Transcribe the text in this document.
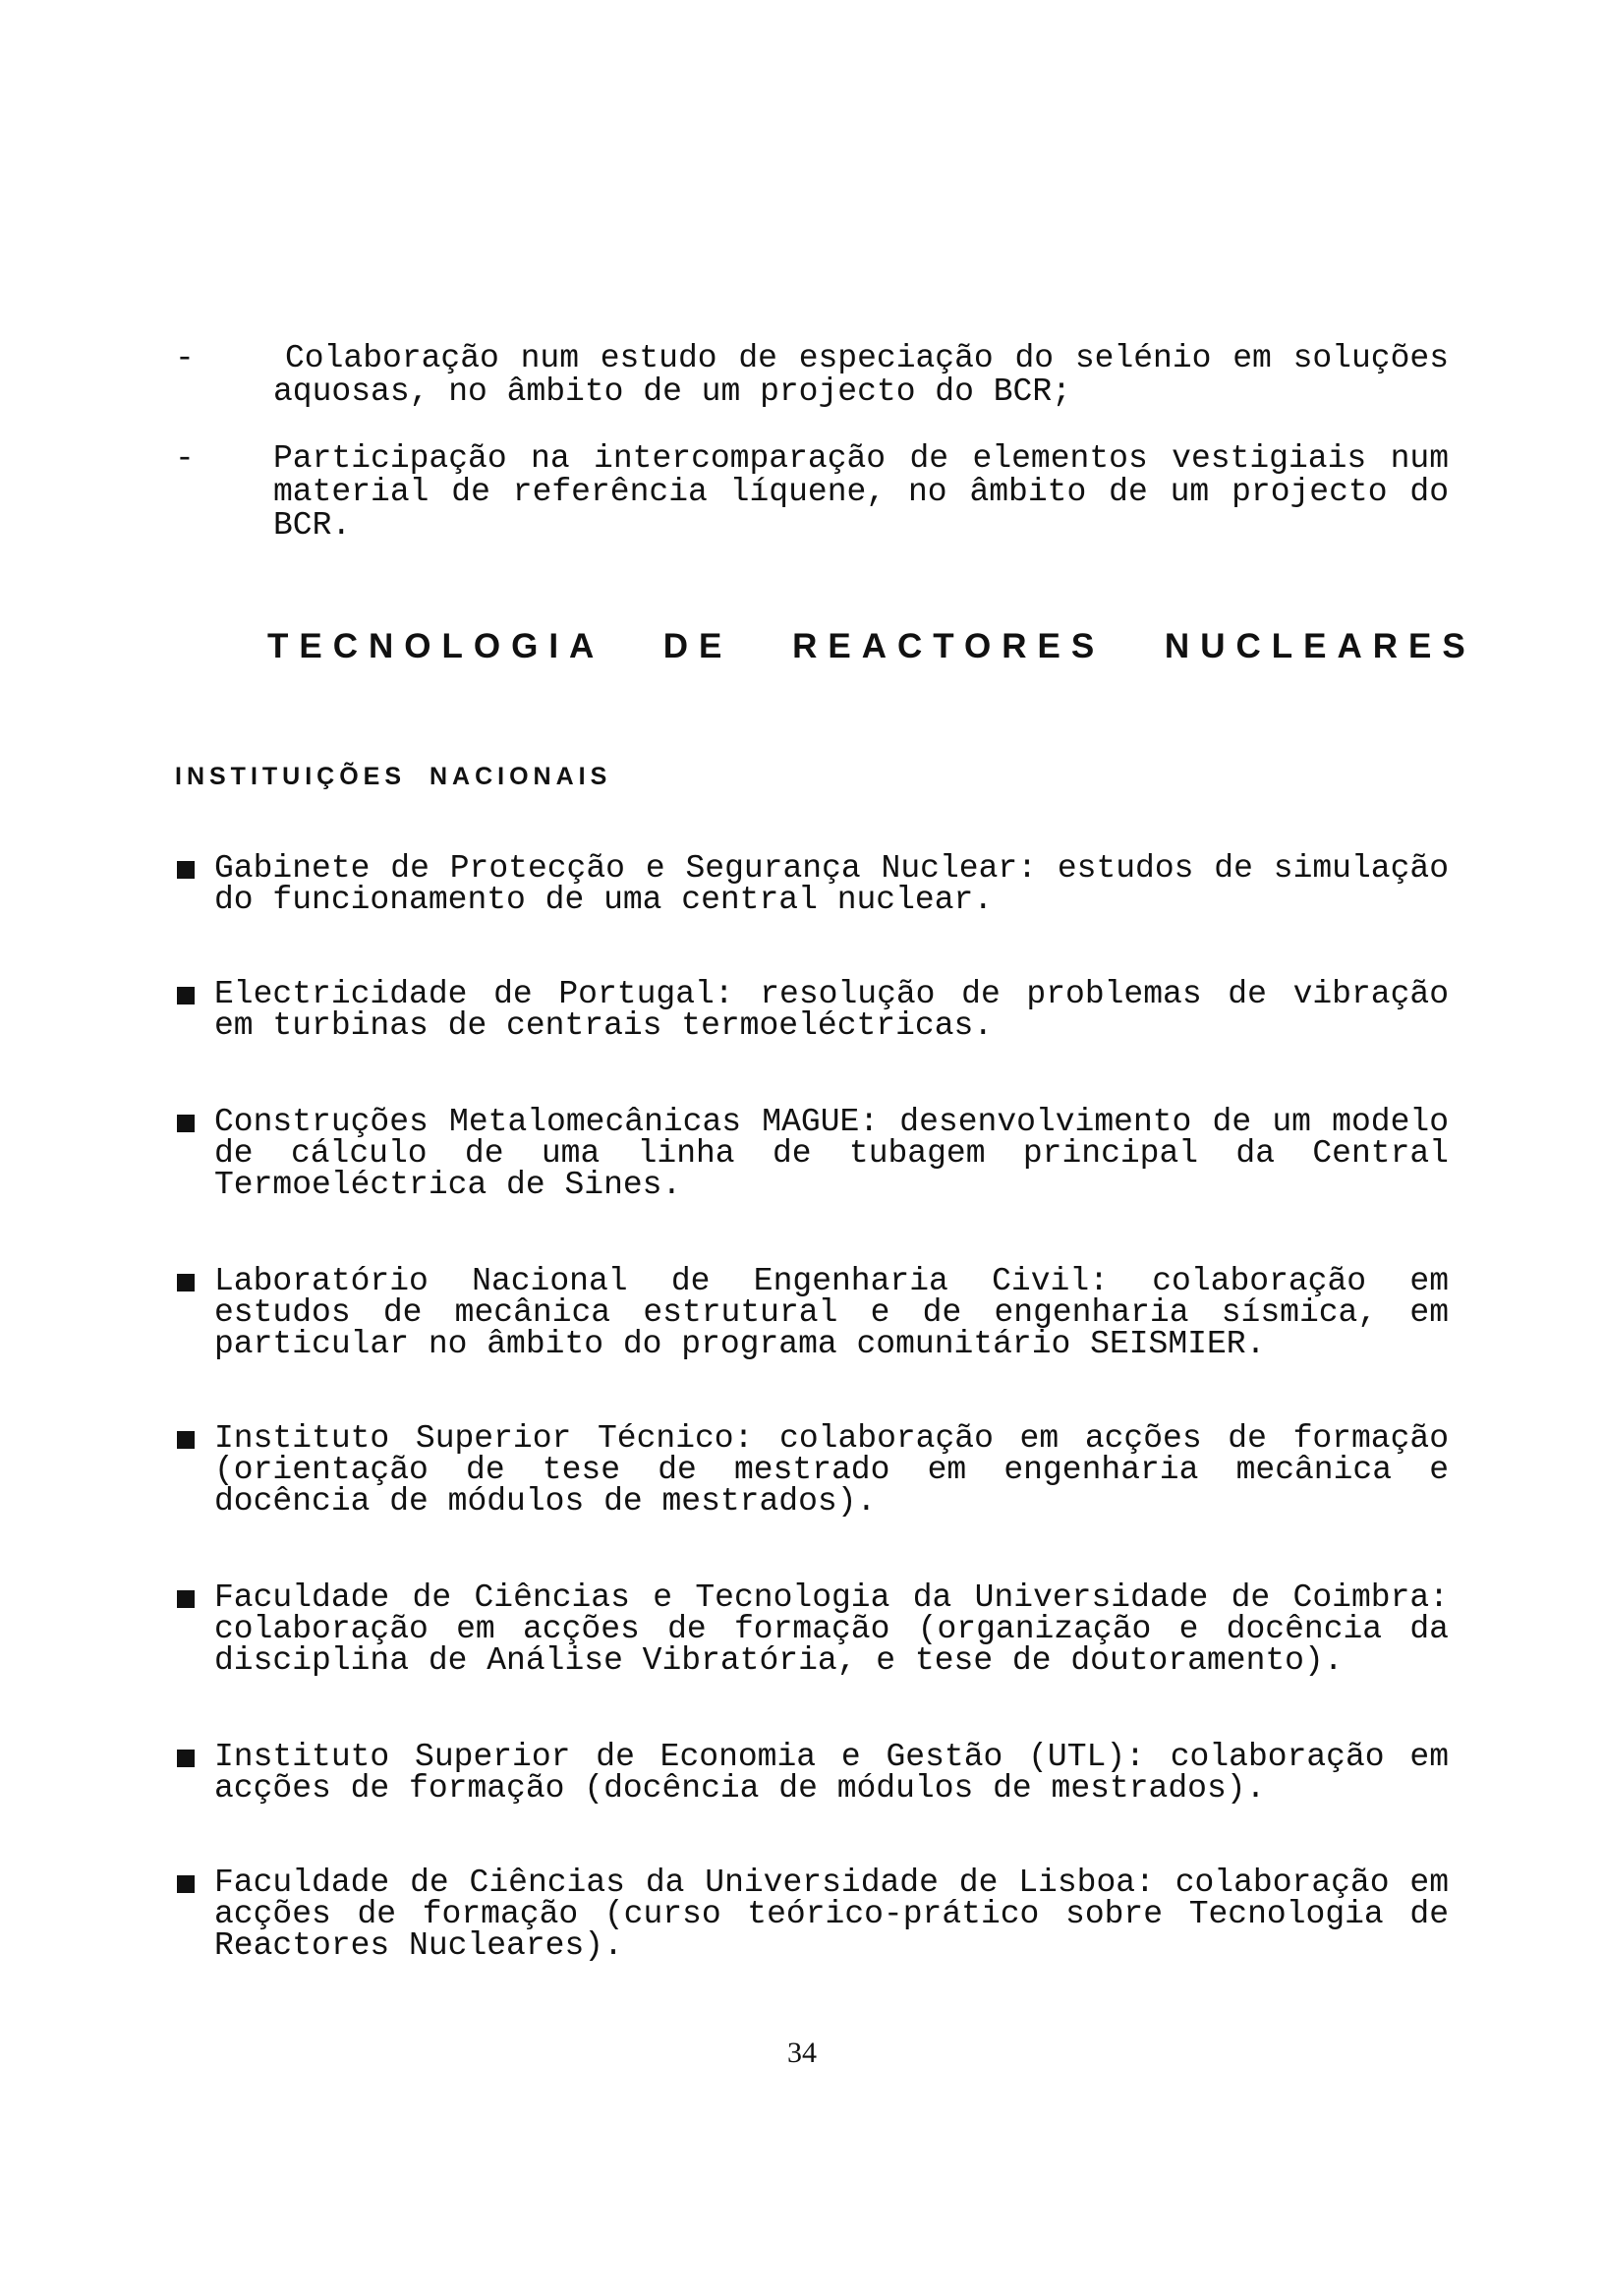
-	Colaboração num estudo de especiação do selénio em soluções aquosas, no âmbito de um projecto do BCR;
-	Participação na intercomparação de elementos vestigiais num material de referência líquene, no âmbito de um projecto do BCR.
TECNOLOGIA DE REACTORES NUCLEARES
INSTITUIÇÕES NACIONAIS
Gabinete de Protecção e Segurança Nuclear: estudos de simulação do funcionamento de uma central nuclear.
Electricidade de Portugal: resolução de problemas de vibração em turbinas de centrais termoeléctricas.
Construções Metalomecânicas MAGUE: desenvolvimento de um modelo de cálculo de uma linha de tubagem principal da Central Termoeléctrica de Sines.
Laboratório Nacional de Engenharia Civil: colaboração em estudos de mecânica estrutural e de engenharia sísmica, em particular no âmbito do programa comunitário SEISMIER.
Instituto Superior Técnico: colaboração em acções de formação (orientação de tese de mestrado em engenharia mecânica e docência de módulos de mestrados).
Faculdade de Ciências e Tecnologia da Universidade de Coimbra: colaboração em acções de formação (organização e docência da disciplina de Análise Vibratória, e tese de doutoramento).
Instituto Superior de Economia e Gestão (UTL): colaboração em acções de formação (docência de módulos de mestrados).
Faculdade de Ciências da Universidade de Lisboa: colaboração em acções de formação (curso teórico-prático sobre Tecnologia de Reactores Nucleares).
34
